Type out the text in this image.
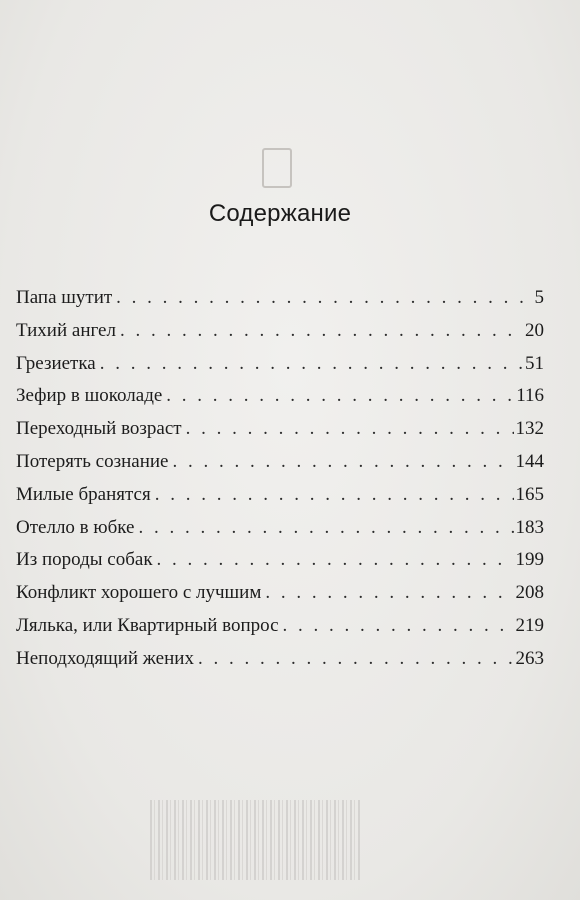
Содержание
Папа шутит . . .	5
Тихий ангел . . .	20
Грезиетка . . .	51
Зефир в шоколаде . . .	116
Переходный возраст . . .	132
Потерять сознание . . .	144
Милые бранятся . . .	165
Отелло в юбке . . .	183
Из породы собак . . .	199
Конфликт хорошего с лучшим . . .	208
Лялька, или Квартирный вопрос . . .	219
Неподходящий жених . . .	263
